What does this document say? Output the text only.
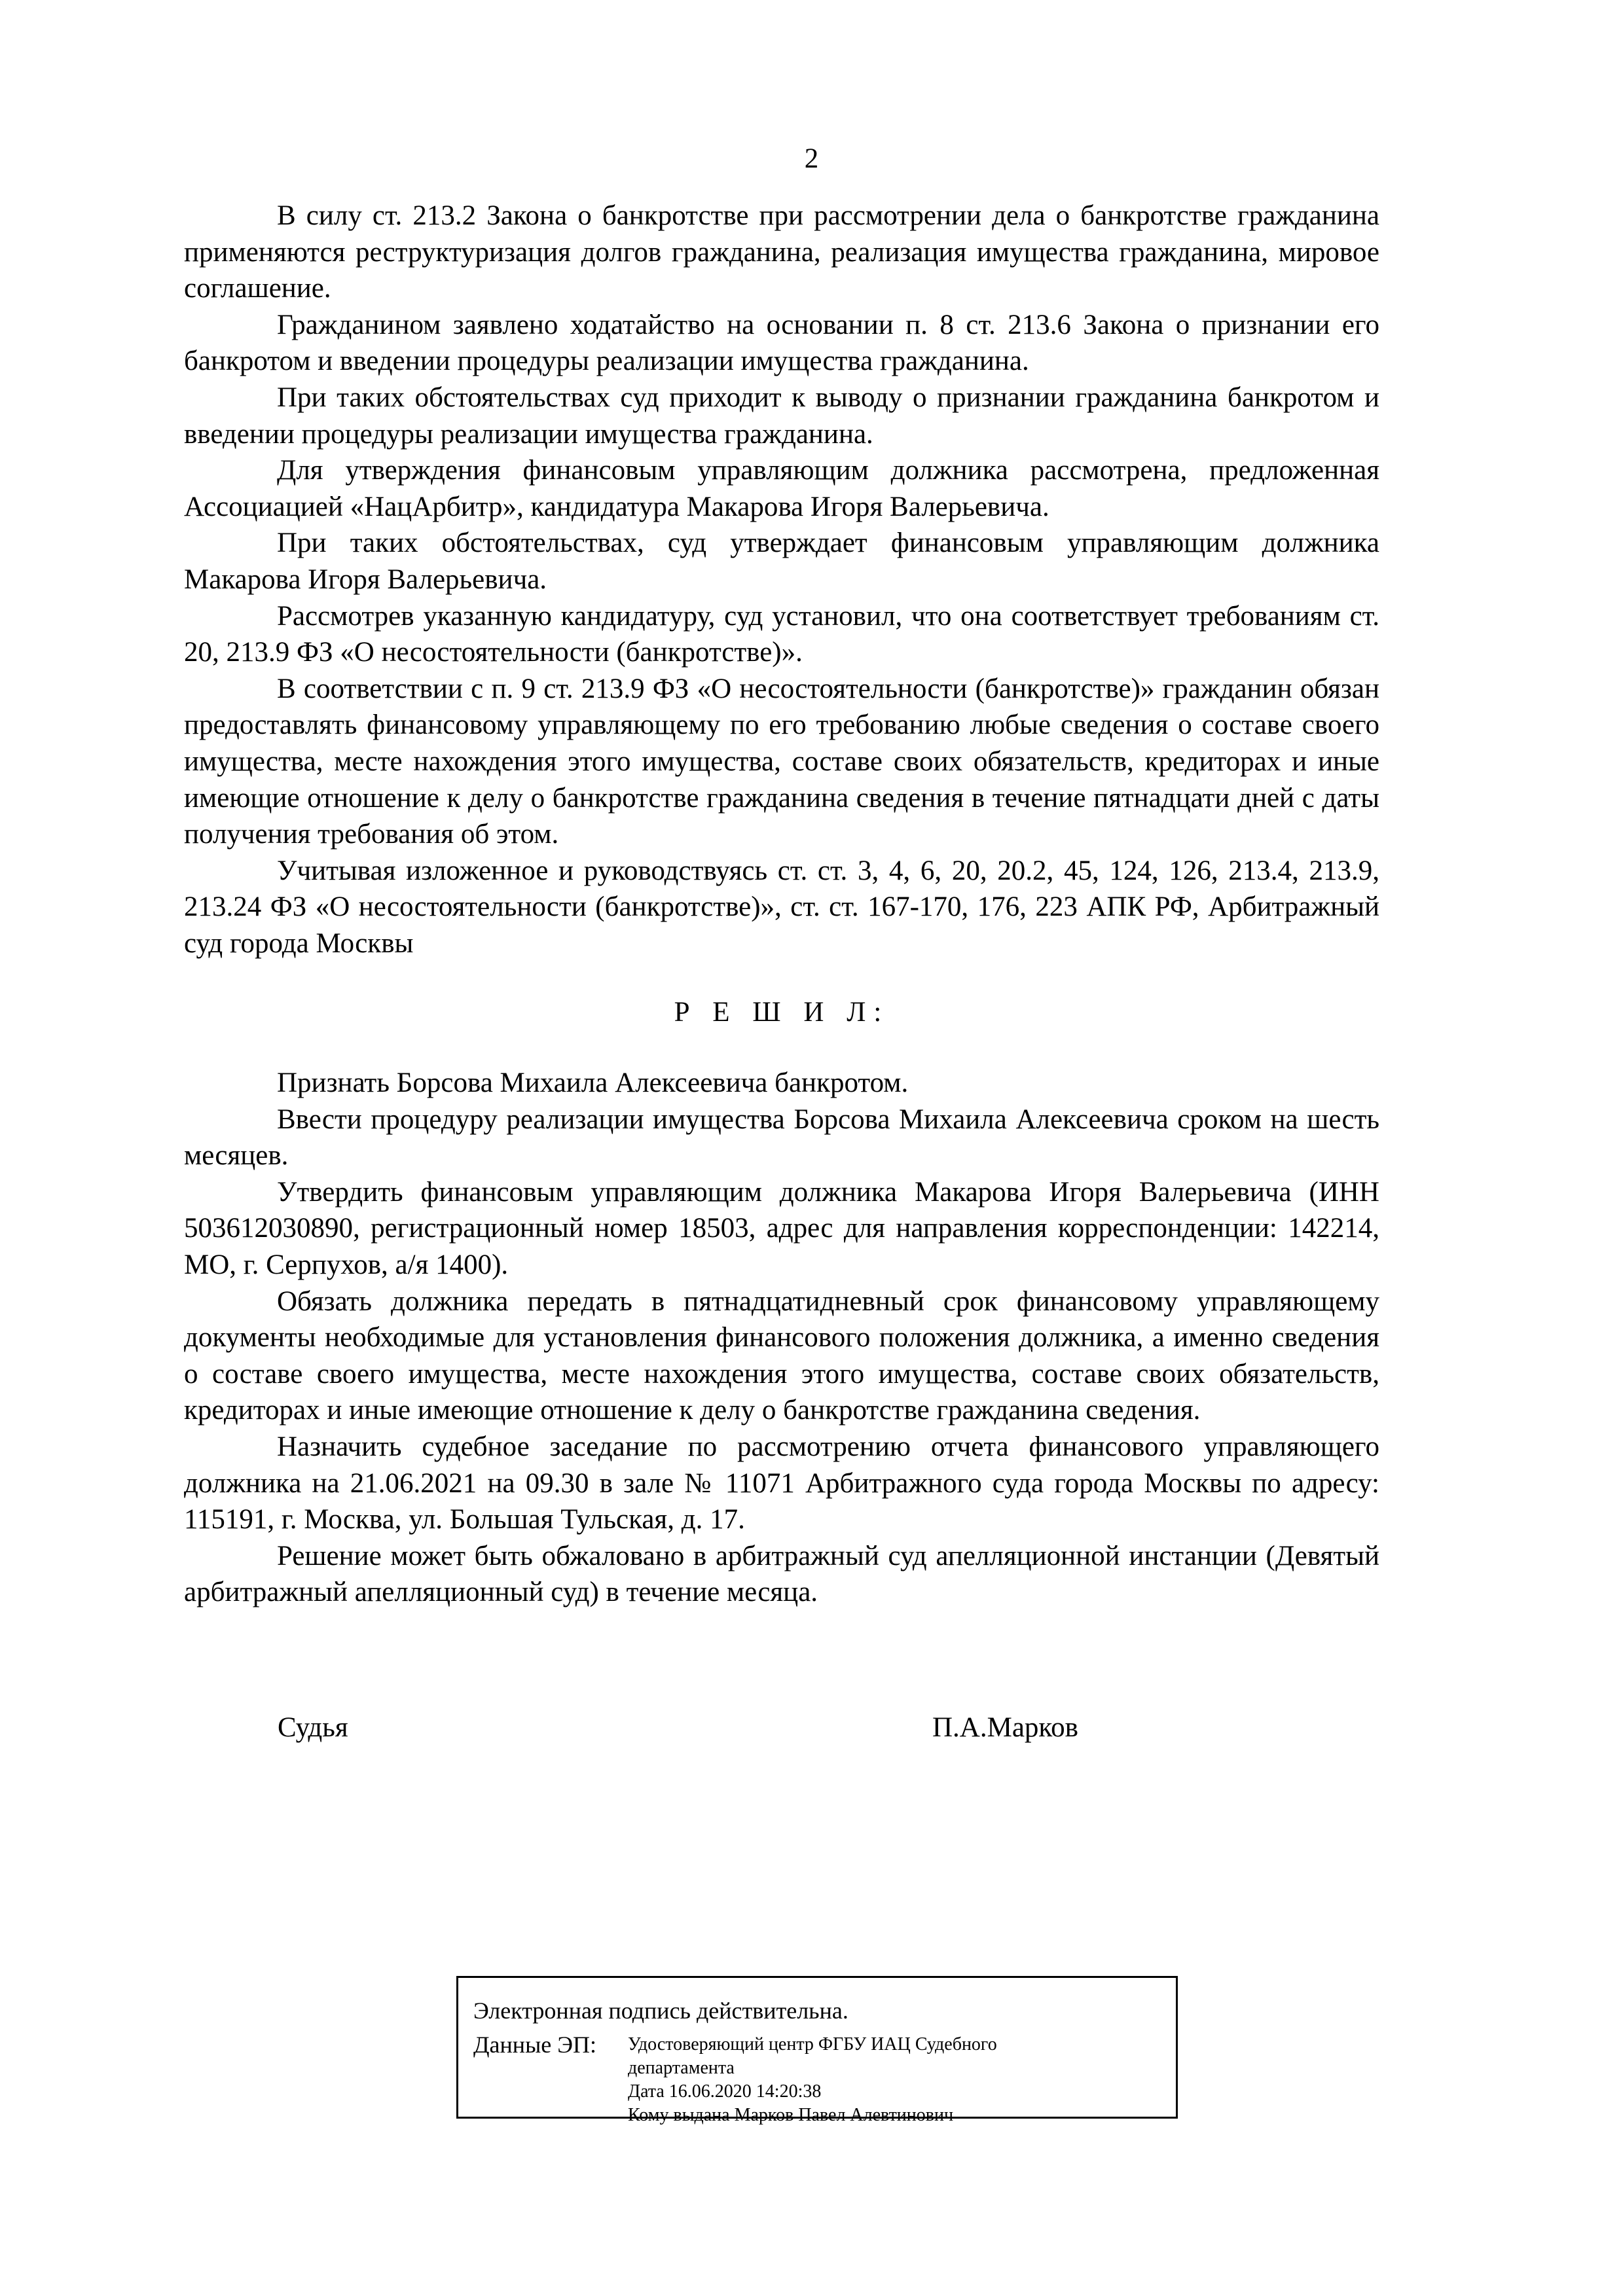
2

В силу ст. 213.2 Закона о банкротстве при рассмотрении дела о банкротстве гражданина применяются реструктуризация долгов гражданина, реализация имущества гражданина, мировое соглашение.

Гражданином заявлено ходатайство на основании п. 8 ст. 213.6 Закона о признании его банкротом и введении процедуры реализации имущества гражданина.

При таких обстоятельствах суд приходит к выводу о признании гражданина банкротом и введении процедуры реализации имущества гражданина.

Для утверждения финансовым управляющим должника рассмотрена, предложенная Ассоциацией «НацАрбитр», кандидатура Макарова Игоря Валерьевича.

При таких обстоятельствах, суд утверждает финансовым управляющим должника Макарова Игоря Валерьевича.

Рассмотрев указанную кандидатуру, суд установил, что она соответствует требованиям ст. 20, 213.9 ФЗ «О несостоятельности (банкротстве)».

В соответствии с п. 9 ст. 213.9 ФЗ «О несостоятельности (банкротстве)» гражданин обязан предоставлять финансовому управляющему по его требованию любые сведения о составе своего имущества, месте нахождения этого имущества, составе своих обязательств, кредиторах и иные имеющие отношение к делу о банкротстве гражданина сведения в течение пятнадцати дней с даты получения требования об этом.

Учитывая изложенное и руководствуясь ст. ст. 3, 4, 6, 20, 20.2, 45, 124, 126, 213.4, 213.9, 213.24 ФЗ «О несостоятельности (банкротстве)», ст. ст. 167-170, 176, 223 АПК РФ, Арбитражный суд города Москвы

Р Е Ш И Л:

Признать Борсова Михаила Алексеевича банкротом.

Ввести процедуру реализации имущества Борсова Михаила Алексеевича сроком на шесть месяцев.

Утвердить финансовым управляющим должника Макарова Игоря Валерьевича (ИНН 503612030890, регистрационный номер 18503, адрес для направления корреспонденции: 142214, МО, г. Серпухов, а/я 1400).

Обязать должника передать в пятнадцатидневный срок финансовому управляющему документы необходимые для установления финансового положения должника, а именно сведения о составе своего имущества, месте нахождения этого имущества, составе своих обязательств, кредиторах и иные имеющие отношение к делу о банкротстве гражданина сведения.

Назначить судебное заседание по рассмотрению отчета финансового управляющего должника на 21.06.2021 на 09.30 в зале № 11071 Арбитражного суда города Москвы по адресу: 115191, г. Москва, ул. Большая Тульская, д. 17.

Решение может быть обжаловано в арбитражный суд апелляционной инстанции (Девятый арбитражный апелляционный суд) в течение месяца.

Судья	П.А.Марков
Электронная подпись действительна.
Данные ЭП: Удостоверяющий центр ФГБУ ИАЦ Судебного
департамента
Дата 16.06.2020 14:20:38
Кому выдана Марков Павел Алевтинович
